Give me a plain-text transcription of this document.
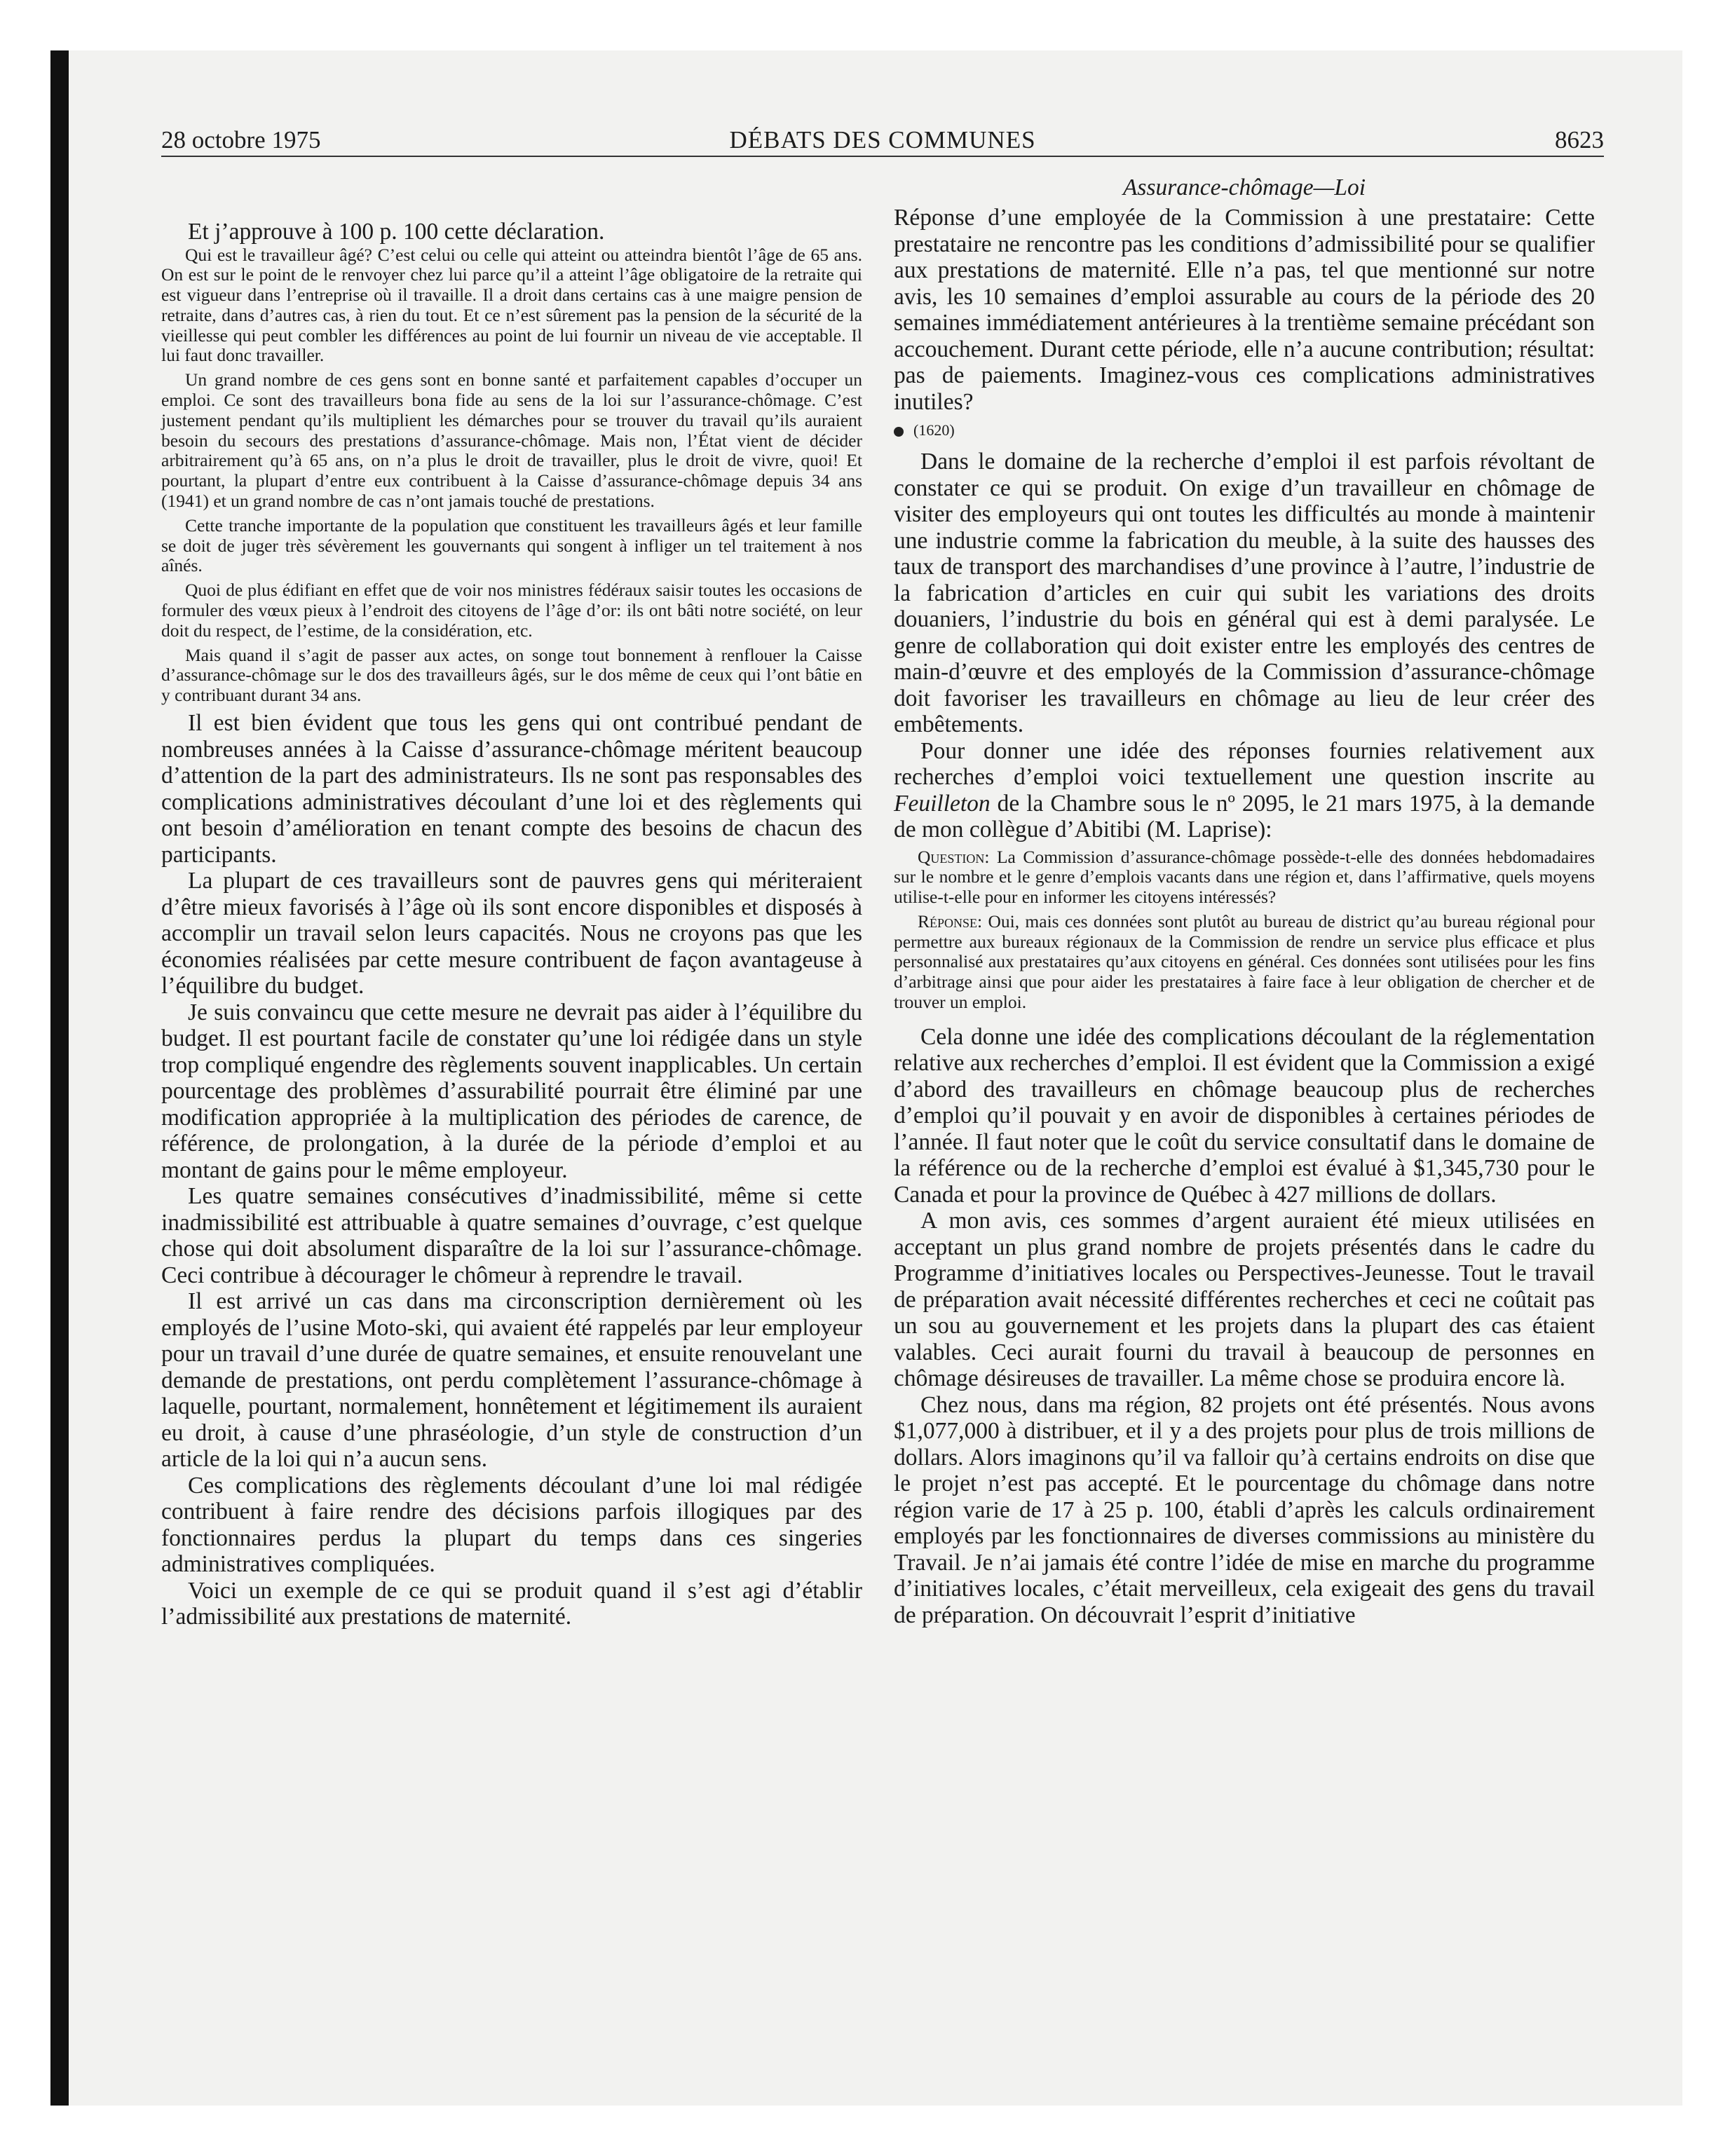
28 octobre 1975	DÉBATS DES COMMUNES	8623

Et j’approuve à 100 p. 100 cette déclaration.

Qui est le travailleur âgé? C’est celui ou celle qui atteint ou atteindra bientôt l’âge de 65 ans. On est sur le point de le renvoyer chez lui parce qu’il a atteint l’âge obligatoire de la retraite qui est vigueur dans l’entreprise où il travaille. Il a droit dans certains cas à une maigre pension de retraite, dans d’autres cas, à rien du tout. Et ce n’est sûrement pas la pension de la sécurité de la vieillesse qui peut combler les différences au point de lui fournir un niveau de vie acceptable. Il lui faut donc travailler.

Un grand nombre de ces gens sont en bonne santé et parfaitement capables d’occuper un emploi. Ce sont des travailleurs bona fide au sens de la loi sur l’assurance-chômage. C’est justement pendant qu’ils multiplient les démarches pour se trouver du travail qu’ils auraient besoin du secours des prestations d’assurance-chômage. Mais non, l’État vient de décider arbitrairement qu’à 65 ans, on n’a plus le droit de travailler, plus le droit de vivre, quoi! Et pourtant, la plupart d’entre eux contribuent à la Caisse d’assurance-chômage depuis 34 ans (1941) et un grand nombre de cas n’ont jamais touché de prestations.

Cette tranche importante de la population que constituent les travailleurs âgés et leur famille se doit de juger très sévèrement les gouvernants qui songent à infliger un tel traitement à nos aînés.

Quoi de plus édifiant en effet que de voir nos ministres fédéraux saisir toutes les occasions de formuler des vœux pieux à l’endroit des citoyens de l’âge d’or: ils ont bâti notre société, on leur doit du respect, de l’estime, de la considération, etc.

Mais quand il s’agit de passer aux actes, on songe tout bonnement à renflouer la Caisse d’assurance-chômage sur le dos des travailleurs âgés, sur le dos même de ceux qui l’ont bâtie en y contribuant durant 34 ans.

Il est bien évident que tous les gens qui ont contribué pendant de nombreuses années à la Caisse d’assurance-chômage méritent beaucoup d’attention de la part des administrateurs. Ils ne sont pas responsables des complications administratives découlant d’une loi et des règlements qui ont besoin d’amélioration en tenant compte des besoins de chacun des participants.

La plupart de ces travailleurs sont de pauvres gens qui mériteraient d’être mieux favorisés à l’âge où ils sont encore disponibles et disposés à accomplir un travail selon leurs capacités. Nous ne croyons pas que les économies réalisées par cette mesure contribuent de façon avantageuse à l’équilibre du budget.

Je suis convaincu que cette mesure ne devrait pas aider à l’équilibre du budget. Il est pourtant facile de constater qu’une loi rédigée dans un style trop compliqué engendre des règlements souvent inapplicables. Un certain pourcentage des problèmes d’assurabilité pourrait être éliminé par une modification appropriée à la multiplication des périodes de carence, de référence, de prolongation, à la durée de la période d’emploi et au montant de gains pour le même employeur.

Les quatre semaines consécutives d’inadmissibilité, même si cette inadmissibilité est attribuable à quatre semaines d’ouvrage, c’est quelque chose qui doit absolument disparaître de la loi sur l’assurance-chômage. Ceci contribue à décourager le chômeur à reprendre le travail.

Il est arrivé un cas dans ma circonscription dernièrement où les employés de l’usine Moto-ski, qui avaient été rappelés par leur employeur pour un travail d’une durée de quatre semaines, et ensuite renouvelant une demande de prestations, ont perdu complètement l’assurance-chômage à laquelle, pourtant, normalement, honnêtement et légitimement ils auraient eu droit, à cause d’une phraséologie, d’un style de construction d’un article de la loi qui n’a aucun sens.

Ces complications des règlements découlant d’une loi mal rédigée contribuent à faire rendre des décisions parfois illogiques par des fonctionnaires perdus la plupart du temps dans ces singeries administratives compliquées.

Voici un exemple de ce qui se produit quand il s’est agi d’établir l’admissibilité aux prestations de maternité.

Assurance-chômage—Loi

Réponse d’une employée de la Commission à une prestataire: Cette prestataire ne rencontre pas les conditions d’admissibilité pour se qualifier aux prestations de maternité. Elle n’a pas, tel que mentionné sur notre avis, les 10 semaines d’emploi assurable au cours de la période des 20 semaines immédiatement antérieures à la trentième semaine précédant son accouchement. Durant cette période, elle n’a aucune contribution; résultat: pas de paiements. Imaginez-vous ces complications administratives inutiles?

(1620)

Dans le domaine de la recherche d’emploi il est parfois révoltant de constater ce qui se produit. On exige d’un travailleur en chômage de visiter des employeurs qui ont toutes les difficultés au monde à maintenir une industrie comme la fabrication du meuble, à la suite des hausses des taux de transport des marchandises d’une province à l’autre, l’industrie de la fabrication d’articles en cuir qui subit les variations des droits douaniers, l’industrie du bois en général qui est à demi paralysée. Le genre de collaboration qui doit exister entre les employés des centres de main-d’œuvre et des employés de la Commission d’assurance-chômage doit favoriser les travailleurs en chômage au lieu de leur créer des embêtements.

Pour donner une idée des réponses fournies relativement aux recherches d’emploi voici textuellement une question inscrite au Feuilleton de la Chambre sous le nº 2095, le 21 mars 1975, à la demande de mon collègue d’Abitibi (M. Laprise):

Question: La Commission d’assurance-chômage possède-t-elle des données hebdomadaires sur le nombre et le genre d’emplois vacants dans une région et, dans l’affirmative, quels moyens utilise-t-elle pour en informer les citoyens intéressés?

Réponse: Oui, mais ces données sont plutôt au bureau de district qu’au bureau régional pour permettre aux bureaux régionaux de la Commission de rendre un service plus efficace et plus personnalisé aux prestataires qu’aux citoyens en général. Ces données sont utilisées pour les fins d’arbitrage ainsi que pour aider les prestataires à faire face à leur obligation de chercher et de trouver un emploi.

Cela donne une idée des complications découlant de la réglementation relative aux recherches d’emploi. Il est évident que la Commission a exigé d’abord des travailleurs en chômage beaucoup plus de recherches d’emploi qu’il pouvait y en avoir de disponibles à certaines périodes de l’année. Il faut noter que le coût du service consultatif dans le domaine de la référence ou de la recherche d’emploi est évalué à $1,345,730 pour le Canada et pour la province de Québec à 427 millions de dollars.

A mon avis, ces sommes d’argent auraient été mieux utilisées en acceptant un plus grand nombre de projets présentés dans le cadre du Programme d’initiatives locales ou Perspectives-Jeunesse. Tout le travail de préparation avait nécessité différentes recherches et ceci ne coûtait pas un sou au gouvernement et les projets dans la plupart des cas étaient valables. Ceci aurait fourni du travail à beaucoup de personnes en chômage désireuses de travailler. La même chose se produira encore là.

Chez nous, dans ma région, 82 projets ont été présentés. Nous avons $1,077,000 à distribuer, et il y a des projets pour plus de trois millions de dollars. Alors imaginons qu’il va falloir qu’à certains endroits on dise que le projet n’est pas accepté. Et le pourcentage du chômage dans notre région varie de 17 à 25 p. 100, établi d’après les calculs ordinairement employés par les fonctionnaires de diverses commissions au ministère du Travail. Je n’ai jamais été contre l’idée de mise en marche du programme d’initiatives locales, c’était merveilleux, cela exigeait des gens du travail de préparation. On découvrait l’esprit d’initiative
